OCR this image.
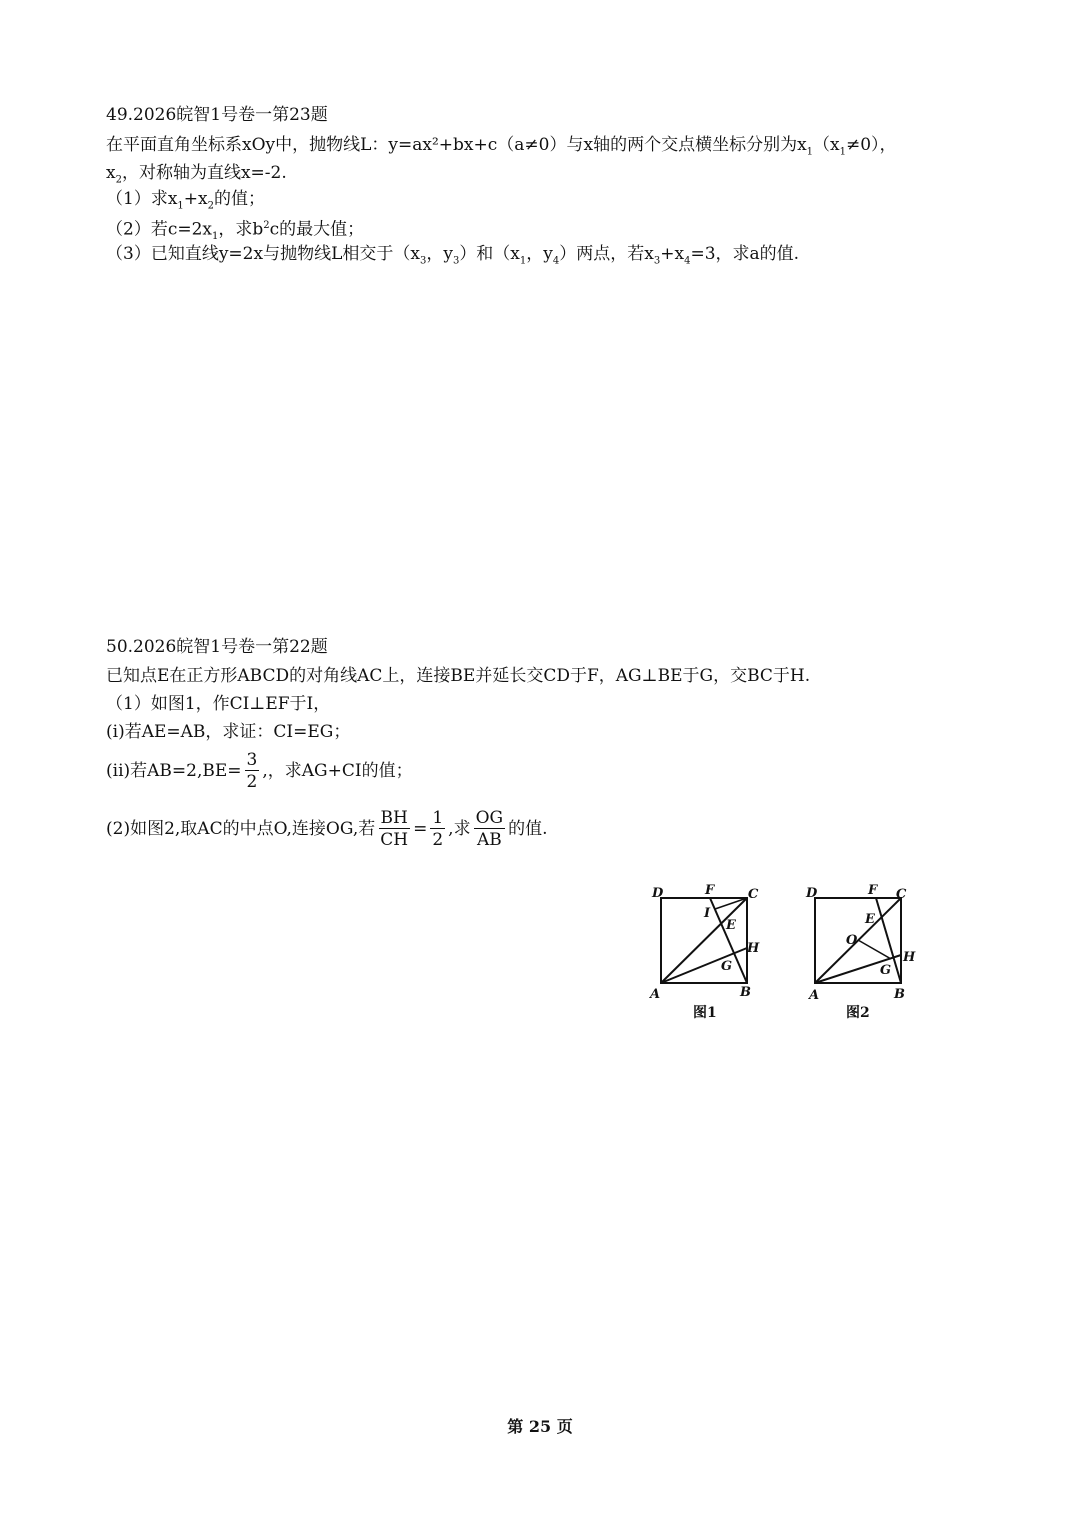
49.2026皖智1号卷一第23题
在平面直角坐标系xOy中，抛物线L：y=ax²+bx+c（a≠0）与x轴的两个交点横坐标分别为$x_1(x_1\ne 0)$，
$x_2$，对称轴为直线x=-2.
（1）求$x_1+x_2$的值；
（2）若$c=2x_1$，求$b^2c$的最大值；
（3）已知直线y=2x与抛物线L相交于（$x_3$，$y_3$）和（$x_1$，$y_4$）两点，若$x_3+x_4=3$，求a的值.
50.2026皖智1号卷一第22题
已知点E在正方形ABCD的对角线AC上，连接BE并延长交CD于F，AG⊥BE于G，交BC于H.
（1）如图1，作CI⊥EF于I，
(i)若AE=AB，求证：CI=EG；
(ii)若$AB=2,BE= \frac{3}{2}$ ,，求AG+CI的值；
(2)如图2,取AC的中点O,连接OG,若 $\frac{BH}{CH} = \frac{1}{2}$ ,求 $\frac{OG}{AB}$ 的值.
D	F	C
I
E
H
G
A	B
图1
D	F C
E
O
H
G
A	B
图2
第 25 页
